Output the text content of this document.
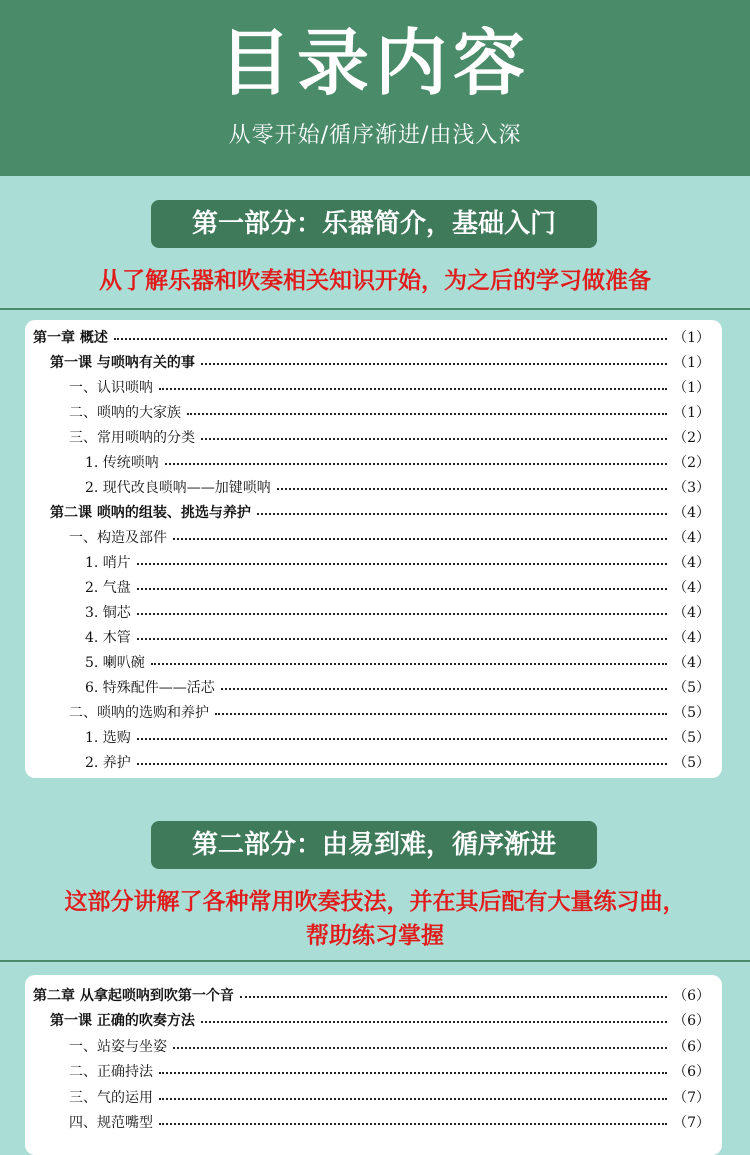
目录内容
从零开始/循序渐进/由浅入深
第一部分：乐器简介，基础入门
从了解乐器和吹奏相关知识开始，为之后的学习做准备
第一章 概述	（1）
第一课 与唢呐有关的事	（1）
一、认识唢呐	（1）
二、唢呐的大家族	（1）
三、常用唢呐的分类	（2）
1. 传统唢呐	（2）
2. 现代改良唢呐——加键唢呐	（3）
第二课 唢呐的组装、挑选与养护	（4）
一、构造及部件	（4）
1. 哨片	（4）
2. 气盘	（4）
3. 铜芯	（4）
4. 木管	（4）
5. 喇叭碗	（4）
6. 特殊配件——活芯	（5）
二、唢呐的选购和养护	（5）
1. 选购	（5）
2. 养护	（5）
第二部分：由易到难，循序渐进
这部分讲解了各种常用吹奏技法，并在其后配有大量练习曲，
帮助练习掌握
第二章 从拿起唢呐到吹第一个音	（6）
第一课 正确的吹奏方法	（6）
一、站姿与坐姿	（6）
二、正确持法	（6）
三、气的运用	（7）
四、规范嘴型	（7）
